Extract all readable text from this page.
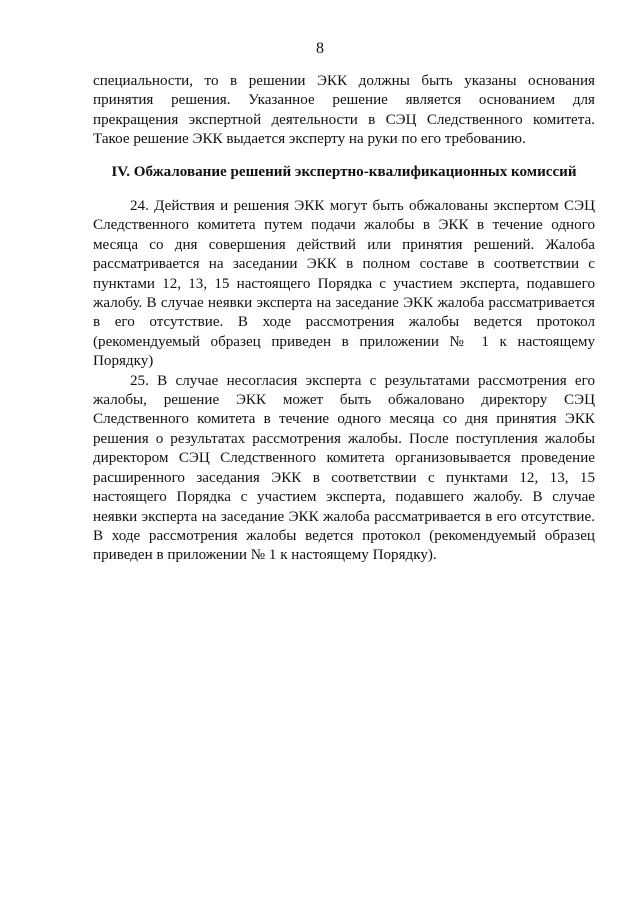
8

специальности, то в решении ЭКК должны быть указаны основания принятия решения. Указанное решение является основанием для прекращения экспертной деятельности в СЭЦ Следственного комитета. Такое решение ЭКК выдается эксперту на руки по его требованию.

IV. Обжалование решений экспертно-квалификационных комиссий

24. Действия и решения ЭКК могут быть обжалованы экспертом СЭЦ Следственного комитета путем подачи жалобы в ЭКК в течение одного месяца со дня совершения действий или принятия решений. Жалоба рассматривается на заседании ЭКК в полном составе в соответствии с пунктами 12, 13, 15 настоящего Порядка с участием эксперта, подавшего жалобу. В случае неявки эксперта на заседание ЭКК жалоба рассматривается в его отсутствие. В ходе рассмотрения жалобы ведется протокол (рекомендуемый образец приведен в приложении № 1 к настоящему Порядку)

25. В случае несогласия эксперта с результатами рассмотрения его жалобы, решение ЭКК может быть обжаловано директору СЭЦ Следственного комитета в течение одного месяца со дня принятия ЭКК решения о результатах рассмотрения жалобы. После поступления жалобы директором СЭЦ Следственного комитета организовывается проведение расширенного заседания ЭКК в соответствии с пунктами 12, 13, 15 настоящего Порядка с участием эксперта, подавшего жалобу. В случае неявки эксперта на заседание ЭКК жалоба рассматривается в его отсутствие. В ходе рассмотрения жалобы ведется протокол (рекомендуемый образец приведен в приложении № 1 к настоящему Порядку).
